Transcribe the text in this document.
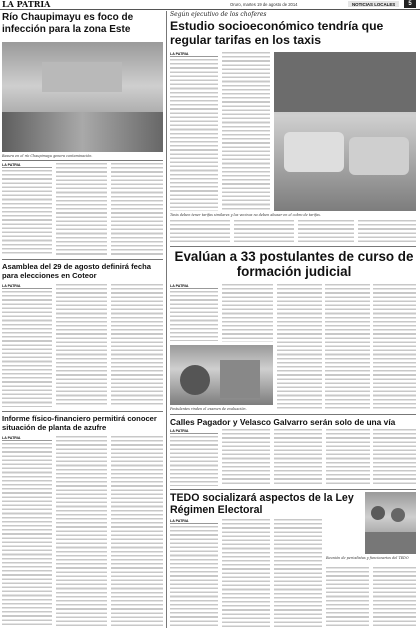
LA PATRIA	Oruro, martes 19 de agosto de 2014	NOTICIAS LOCALES	5
Río Chaupimayu es foco de infección para la zona Este
Basura en el río Chaupimayu genera contaminación.
LA PATRIA
Asamblea del 29 de agosto definirá fecha para elecciones en Coteor
LA PATRIA
Informe físico-financiero permitirá conocer situación de planta de azufre
LA PATRIA
Según ejecutivo de los choferes
Estudio socioeconómico tendría que regular tarifas en los taxis
LA PATRIA
Taxis deben tener tarifas similares y los vecinos no deben abusar en el cobro de tarifas.
Evalúan a 33 postulantes de curso de formación judicial
LA PATRIA
Postulantes rinden el examen de evaluación.
Calles Pagador y Velasco Galvarro serán solo de una vía
LA PATRIA
TEDO socializará aspectos de la Ley Régimen Electoral
LA PATRIA
Reunión de periodistas y funcionarios del TEDO
